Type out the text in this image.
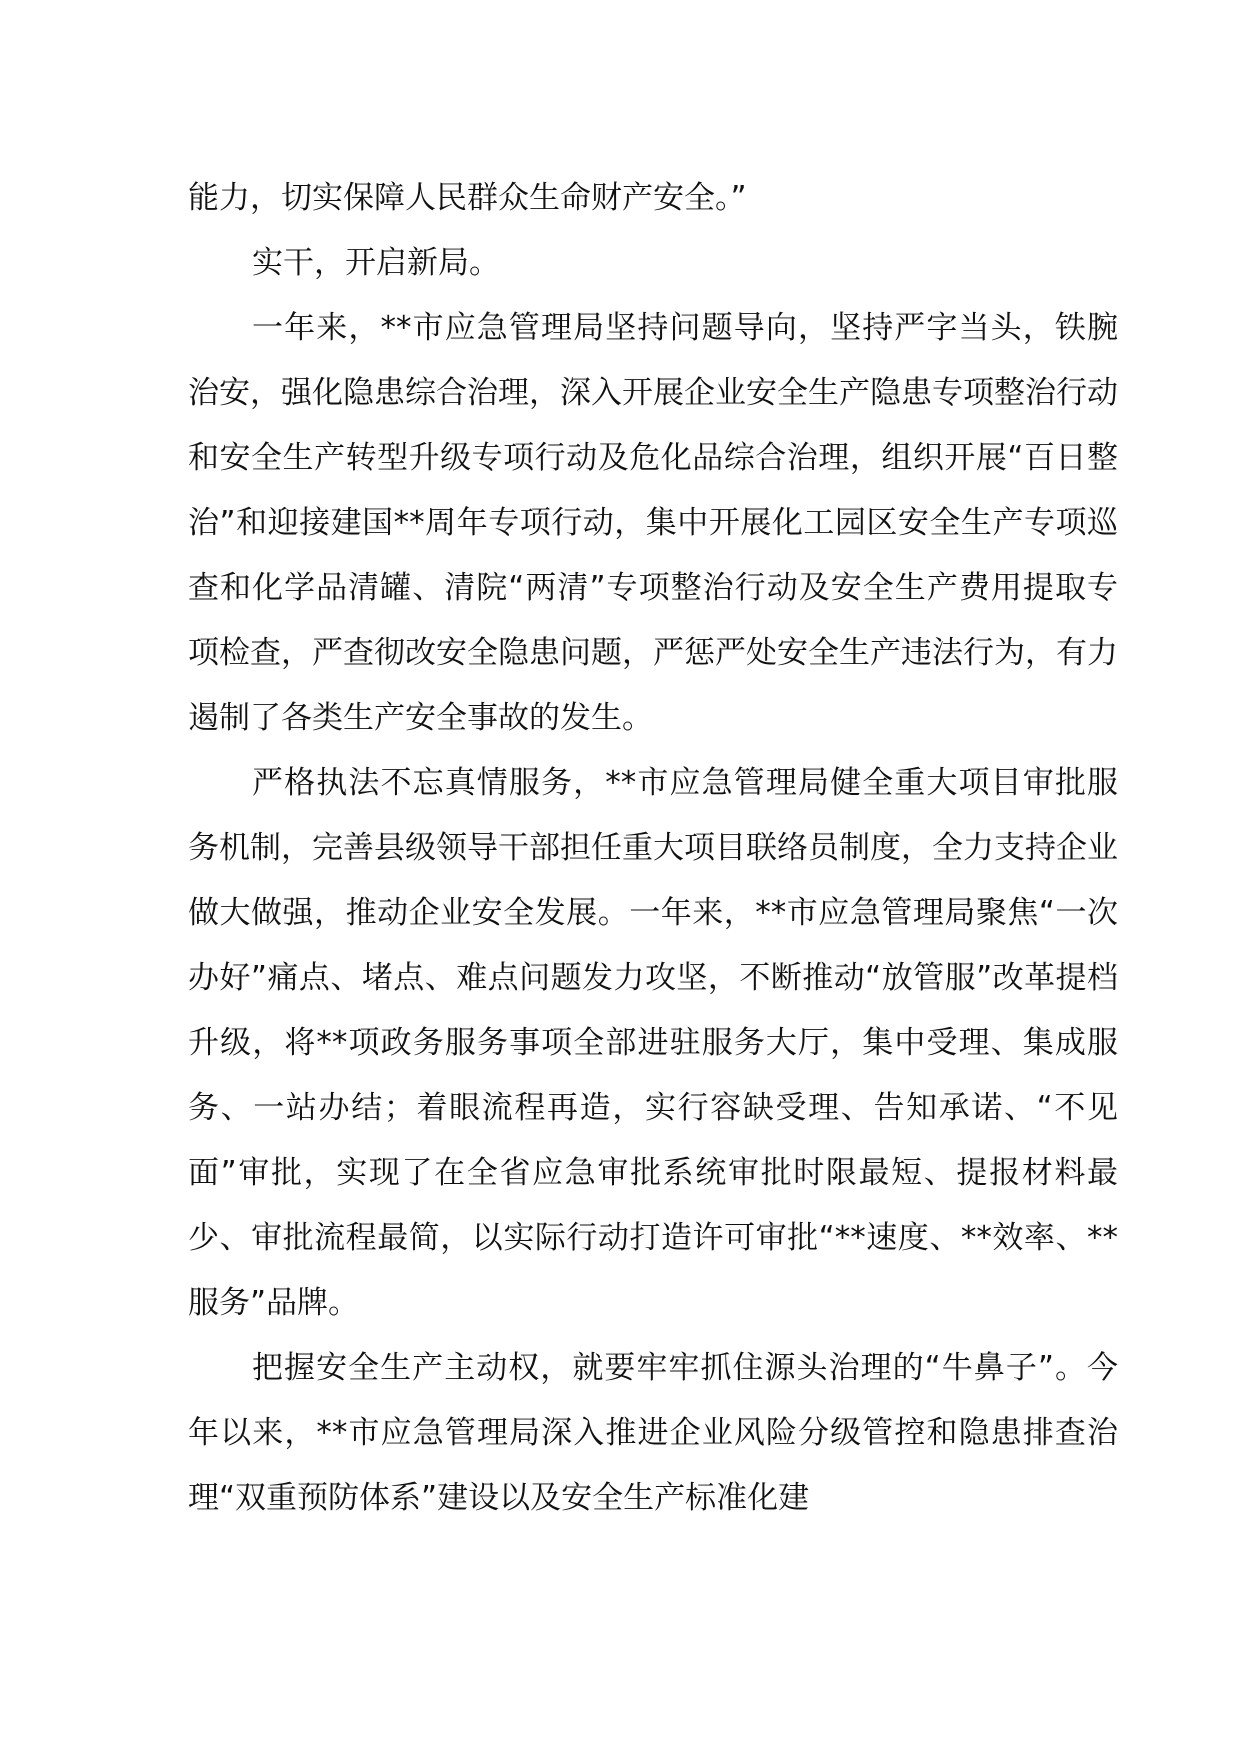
能力，切实保障人民群众生命财产安全。”

实干，开启新局。

一年来，**市应急管理局坚持问题导向，坚持严字当头，铁腕治安，强化隐患综合治理，深入开展企业安全生产隐患专项整治行动和安全生产转型升级专项行动及危化品综合治理，组织开展“百日整治”和迎接建国**周年专项行动，集中开展化工园区安全生产专项巡查和化学品清罐、清院“两清”专项整治行动及安全生产费用提取专项检查，严查彻改安全隐患问题，严惩严处安全生产违法行为，有力遏制了各类生产安全事故的发生。

严格执法不忘真情服务，**市应急管理局健全重大项目审批服务机制，完善县级领导干部担任重大项目联络员制度，全力支持企业做大做强，推动企业安全发展。一年来，**市应急管理局聚焦“一次办好”痛点、堵点、难点问题发力攻坚，不断推动“放管服”改革提档升级，将**项政务服务事项全部进驻服务大厅，集中受理、集成服务、一站办结；着眼流程再造，实行容缺受理、告知承诺、“不见面”审批，实现了在全省应急审批系统审批时限最短、提报材料最少、审批流程最简，以实际行动打造许可审批“**速度、**效率、**服务”品牌。

把握安全生产主动权，就要牢牢抓住源头治理的“牛鼻子”。今年以来，**市应急管理局深入推进企业风险分级管控和隐患排查治理“双重预防体系”建设以及安全生产标准化建
